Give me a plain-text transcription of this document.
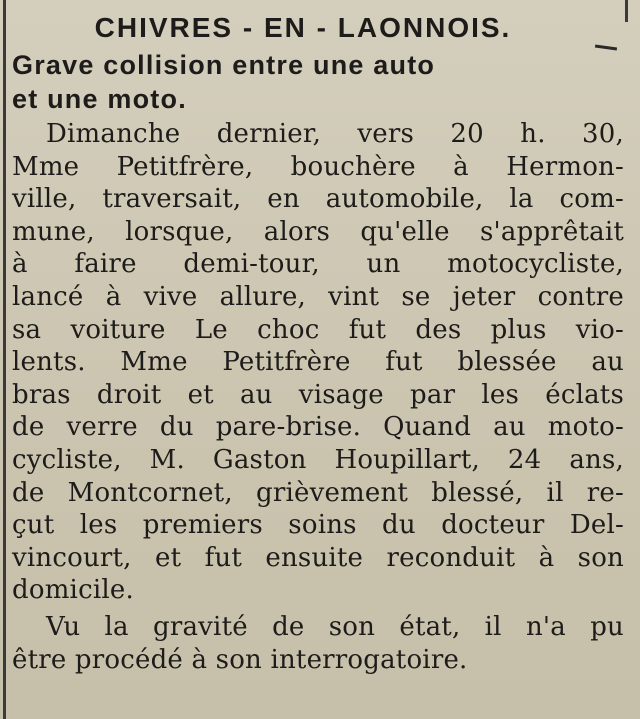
CHIVRES - EN - LAONNOIS.
Grave collision entre une auto
et une moto.
Dimanche dernier, vers 20 h. 30,
Mme Petitfrère, bouchère à Hermon-
ville, traversait, en automobile, la com-
mune, lorsque, alors qu'elle s'apprêtait
à faire demi-tour, un motocycliste,
lancé à vive allure, vint se jeter contre
sa voiture Le choc fut des plus vio-
lents. Mme Petitfrère fut blessée au
bras droit et au visage par les éclats
de verre du pare-brise. Quand au moto-
cycliste, M. Gaston Houpillart, 24 ans,
de Montcornet, grièvement blessé, il re-
çut les premiers soins du docteur Del-
vincourt, et fut ensuite reconduit à son
domicile.
Vu la gravité de son état, il n'a pu
être procédé à son interrogatoire.
